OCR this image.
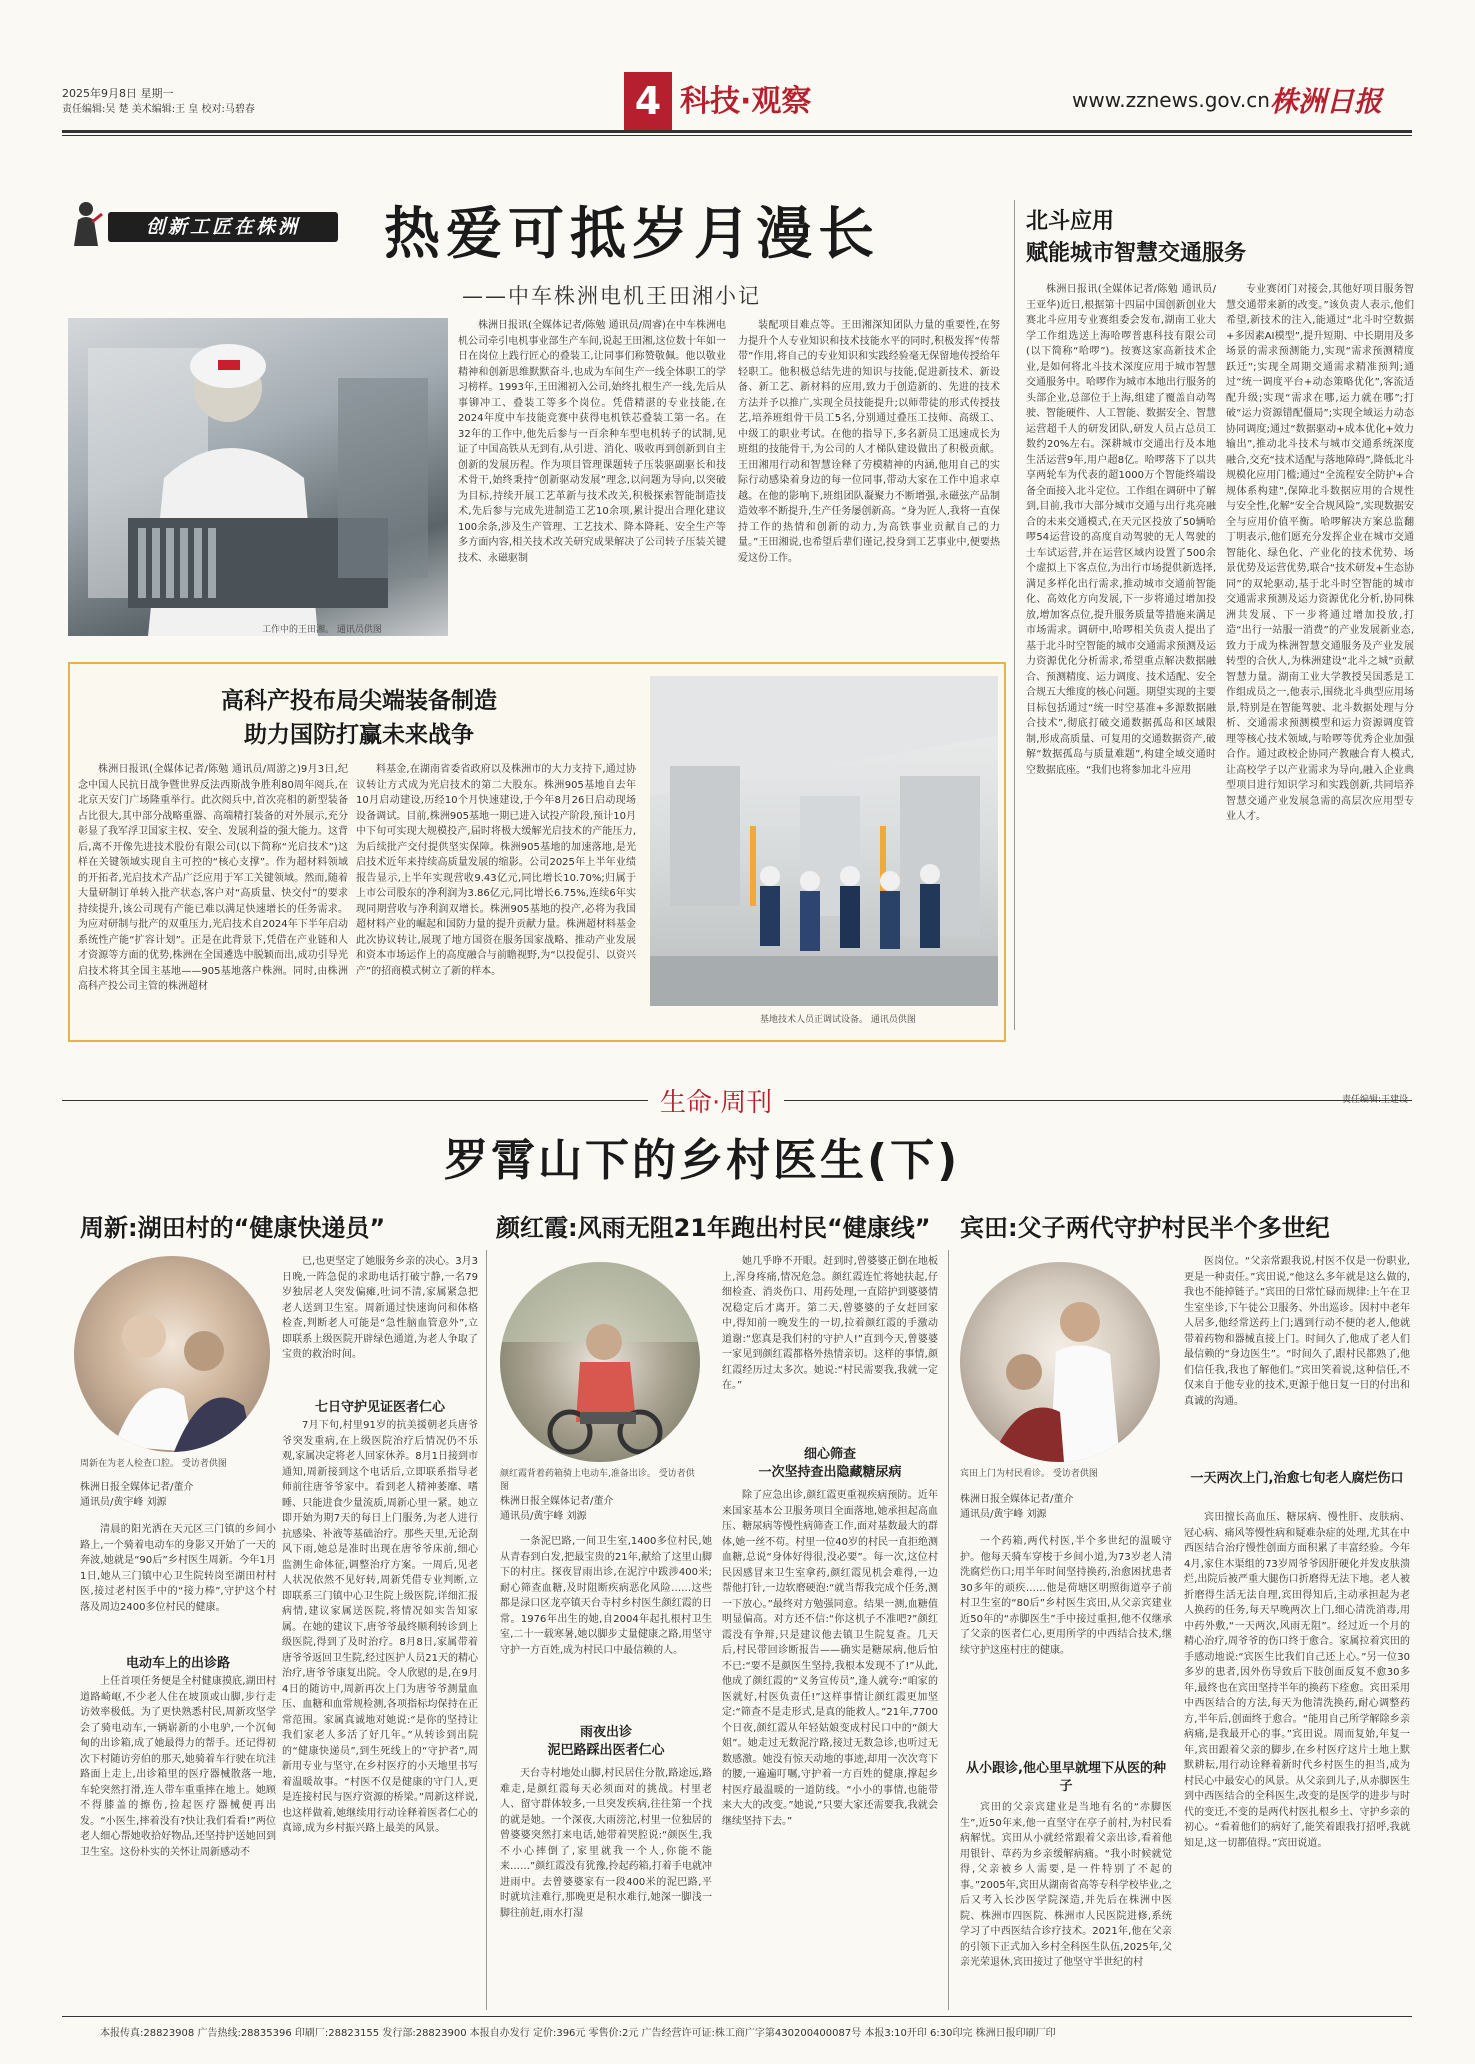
2025年9月8日 星期一
责任编辑:吴 楚 美术编辑:王 皇 校对:马碧春	4 科技·观察	www.zznews.gov.cn 株洲日报
创新工匠在株洲	热爱可抵岁月漫长
——中车株洲电机王田湘小记
工作中的王田湘。 通讯员供图

株洲日报讯(全媒体记者/陈勉 通讯员/周睿)在中车株洲电机公司牵引电机事业部生产车间,说起王田湘,这位数十年如一日在岗位上践行匠心的叠装工,让同事们称赞敬佩。他以敬业精神和创新思维默默奋斗,也成为车间生产一线全体职工的学习榜样。1993年,王田湘初入公司,始终扎根生产一线,先后从事铆冲工、叠装工等多个岗位。凭借精湛的专业技能,在2024年度中车技能竞赛中获得电机铁芯叠装工第一名。在32年的工作中,他先后参与一百余种车型电机转子的试制,见证了中国高铁从无到有,从引进、消化、吸收再到创新到自主创新的发展历程。作为项目管理课题转子压装驱副驱长和技术骨干,始终秉持“创新驱动发展”理念,以问题为导向,以突破为目标,持续开展工艺革新与技术改关,积极探索智能制造技术,先后参与完成先进制造工艺10余项,累计提出合理化建议100余条,涉及生产管理、工艺技术、降本降耗、安全生产等多方面内容,相关技术改关研究成果解决了公司转子压装关键技术、永磁驱制

装配项目难点等。王田湘深知团队力量的重要性,在努力提升个人专业知识和技术技能水平的同时,积极发挥“传帮带”作用,将自己的专业知识和实践经验毫无保留地传授给年轻职工。他积极总结先进的知识与技能,促进新技术、新设备、新工艺、新材料的应用,致力于创造新的、先进的技术方法并予以推广,实现全员技能提升;以师带徒的形式传授技艺,培养班组骨干员工5名,分别通过叠压工技师、高级工、中级工的职业考试。在他的指导下,多名新员工迅速成长为班组的技能骨干,为公司的人才梯队建设做出了积极贡献。王田湘用行动和智慧诠释了劳模精神的内涵,他用自己的实际行动感染着身边的每一位同事,带动大家在工作中追求卓越。在他的影响下,班组团队凝聚力不断增强,永磁弦产品制造效率不断提升,生产任务屡创新高。“身为匠人,我将一直保持工作的热情和创新的动力,为高铁事业贡献自己的力量。”王田湘说,也希望后辈们谨记,投身到工艺事业中,便要热爱这份工作。

北斗应用
赋能城市智慧交通服务

株洲日报讯(全媒体记者/陈勉 通讯员/王亚华)近日,根据第十四届中国创新创业大赛北斗应用专业赛组委会发布,湖南工业大学工作组选送上海哈啰普惠科技有限公司(以下简称“哈啰”)。按赛这家高新技术企业,是如何将北斗技术深度应用于城市智慧交通服务中。哈啰作为城市本地出行服务的头部企业,总部位于上海,组建了覆盖自动驾驶、智能硬件、人工智能、数据安全、智慧运营超千人的研发团队,研发人员占总员工数约20%左右。深耕城市交通出行及本地生活运营9年,用户超8亿。哈啰落下了以共享两轮车为代表的超1000万个智能终端设备全面接入北斗定位。工作组在调研中了解到,目前,我市大部分城市交通与出行兆亮融合的未来交通模式,在天元区投放了50辆哈啰54运营设的高度自动驾驶的无人驾驶的士车试运营,并在运营区域内设置了500余个虚拟上下客点位,为出行市场提供新选择,满足多样化出行需求,推动城市交通前智能化、高效化方向发展,下一步将通过增加投放,增加客点位,提升服务质量等措施来满足市场需求。调研中,哈啰相关负责人提出了基于北斗时空智能的城市交通需求预测及运力资源优化分析需求,希望重点解决数据融合、预测精度、运力调度、技术适配、安全合规五大维度的核心问题。期望实现的主要目标包括通过“统一时空基准+多源数据融合技术”,彻底打破交通数据孤岛和区域限制,形成高质量、可复用的交通数据资产,破解“数据孤岛与质量难题”,构建全域交通时空数据底座。“我们也将参加北斗应用

专业赛闭门对接会,其他好项目服务智慧交通带来新的改变。”该负责人表示,他们希望,新技术的注入,能通过“北斗时空数据+多因素AI模型”,提升短期、中长期用及多场景的需求预测能力,实现“需求预测精度跃迁”;实现全周期交通需求精准预判;通过“统一调度平台+动态策略优化”,客流适配升级;实现“需求在哪,运力就在哪”;打破“运力资源错配僵局”;实现全域运力动态协同调度;通过“数据驱动+成本优化+效力输出”,推动北斗技术与城市交通系统深度融合,交充“技术适配与落地障碍”,降低北斗规模化应用门槛;通过“全流程安全防护+合规体系构建”,保障北斗数据应用的合规性与安全性,化解“安全合规风险”,实现数据安全与应用价值平衡。哈啰解决方案总监翻丁明表示,他们愿充分发挥企业在城市交通智能化、绿色化、产业化的技术优势、场景优势及运营优势,联合“技术研发+生态协同”的双轮驱动,基于北斗时空智能的城市交通需求预测及运力资源优化分析,协同株洲共发展、下一步将通过增加投放,打造“出行一站服一消费”的产业发展新业态,致力于成为株洲智慧交通服务及产业发展转型的合伙人,为株洲建设“北斗之城”贡献智慧力量。湖南工业大学教授吴国悉是工作组成员之一,他表示,围绕北斗典型应用场景,特别是在智能驾驶、北斗数据处理与分析、交通需求预测模型和运力资源调度管理等核心技术领域,与哈啰等优秀企业加强合作。通过政校企协同产教融合育人模式,让高校学子以产业需求为导向,融入企业典型项目进行知识学习和实践创新,共同培养智慧交通产业发展急需的高层次应用型专业人才。

高科产投布局尖端装备制造
助力国防打赢未来战争

株洲日报讯(全媒体记者/陈勉 通讯员/周游之)9月3日,纪念中国人民抗日战争暨世界反法西斯战争胜利80周年阅兵,在北京天安门广场隆重举行。此次阅兵中,首次亮相的新型装备占比很大,其中部分战略重器、高端精打装备的对外展示,充分彰显了我军浮卫国家主权、安全、发展利益的强大能力。这背后,离不开像先进技术股份有限公司(以下简称“光启技术”)这样在关键领域实现自主可控的“核心支撑”。作为超材料领域的开拓者,光启技术产品广泛应用于军工关键领域。然而,随着大量研制订单转入批产状态,客户对“高质量、快交付”的要求持续提升,该公司现有产能已难以满足快速增长的任务需求。为应对研制与批产的双重压力,光启技术自2024年下半年启动系统性产能“扩容计划”。正是在此背景下,凭借在产业链和人才资源等方面的优势,株洲在全国遴选中脱颖而出,成功引导光启技术将其全国主基地——905基地落户株洲。同时,由株洲高科产投公司主管的株洲超材

料基金,在湖南省委省政府以及株洲市的大力支持下,通过协议转让方式成为光启技术的第二大股东。株洲905基地自去年10月启动建设,历经10个月快速建设,于今年8月26日启动现场设备调试。目前,株洲905基地一期已进入试投产阶段,预计10月中下旬可实现大规模投产,届时将极大缓解光启技术的产能压力,为后续批产交付提供坚实保障。株洲905基地的加速落地,是光启技术近年来持续高质量发展的缩影。公司2025年上半年业绩报告显示,上半年实现营收9.43亿元,同比增长10.70%;归属于上市公司股东的净利润为3.86亿元,同比增长6.75%,连续6年实现同期营收与净利润双增长。株洲905基地的投产,必将为我国超材料产业的崛起和国防力量的提升贡献力量。株洲超材料基金此次协议转让,展现了地方国资在服务国家战略、推动产业发展和资本市场运作上的高度融合与前瞻视野,为“以投促引、以资兴产”的招商模式树立了新的样本。

基地技术人员正调试设备。 通讯员供图
生命·周刊	责任编辑:王建设
罗霄山下的乡村医生(下)
周新:湖田村的“健康快递员”	颜红霞:风雨无阻21年跑出村民“健康线” 宾田:父子两代守护村民半个多世纪
周新在为老人检查口腔。 受访者供图
株洲日报全媒体记者/董介
通讯员/黄宇峰 刘源

清晨的阳光洒在天元区三门镇的乡间小路上,一个骑着电动车的身影又开始了一天的奔波,她就是“90后”乡村医生周新。今年1月1日,她从三门镇中心卫生院转岗至湖田村村医,接过老村医手中的“接力棒”,守护这个村落及周边2400多位村民的健康。

电动车上的出诊路

上任首项任务便是全村健康摸底,湖田村道路崎岖,不少老人住在坡顶或山脚,步行走访效率极低。为了更快熟悉村民,周新攻坚学会了骑电动车,一辆崭新的小电驴,一个沉甸甸的出诊箱,成了她最得力的帮手。还记得初次下村随访旁伯的那天,她骑着车行驶在坑洼路面上走上,出诊箱里的医疗器械散落一地,车轮突然打滑,连人带车重重摔在地上。她顾不得膝盖的擦伤,捡起医疗器械便再出发。“小医生,摔着没有?快让我们看看!”两位老人细心帮她收拾好物品,还坚持护送她回到卫生室。这份朴实的关怀让周新感动不

已,也更坚定了她服务乡亲的决心。3月3日晚,一阵急促的求助电话打破宁静,一名79岁独居老人突发偏瘫,吐词不清,家属紧急把老人送到卫生室。周新通过快速询问和体格检查,判断老人可能是“急性脑血管意外”,立即联系上级医院开辟绿色通道,为老人争取了宝贵的救治时间。

七日守护见证医者仁心

7月下旬,村里91岁的抗美援朝老兵唐爷爷突发重病,在上级医院治疗后情况仍不乐观,家属决定将老人回家休养。8月1日接到市通知,周新接到这个电话后,立即联系指导老师前往唐爷爷家中。看到老人精神萎靡、嗜睡、只能进食少量流质,周新心里一紧。她立即开始为期7天的每日上门服务,为老人进行抗感染、补液等基础治疗。那些天里,无论刮风下雨,她总是准时出现在唐爷爷床前,细心监测生命体征,调整治疗方案。一周后,见老人状况依然不见好转,周新凭借专业判断,立即联系三门镇中心卫生院上级医院,详细汇报病情,建议家属送医院,将情况如实告知家属。在她的建议下,唐爷爷最终顺利转诊到上级医院,得到了及时治疗。8月8日,家属带着唐爷爷返回卫生院,经过医护人员21天的精心治疗,唐爷爷康复出院。令人欣慰的是,在9月4日的随访中,周新再次上门为唐爷爷测量血压、血糖和血常规检测,各项指标均保持在正常范围。家属真诚地对她说:“是你的坚持让我们家老人多活了好几年。”从转诊到出院的“健康快递员”,到生死线上的“守护者”,周新用专业与坚守,在乡村医疗的小天地里书写着温暖故事。“村医不仅是健康的守门人,更是连接村民与医疗资源的桥梁。”周新这样说,也这样做着,她继续用行动诠释着医者仁心的真谛,成为乡村振兴路上最美的风景。

颜红霞背着药箱骑上电动车,准备出诊。 受访者供图
株洲日报全媒体记者/董介
通讯员/黄宇峰 刘源

一条泥巴路,一间卫生室,1400多位村民,她从青春到白发,把最宝贵的21年,献给了这里山脚下的村庄。探夜冒雨出诊,在泥泞中跋涉400米;耐心筛查血糖,及时阻断疾病恶化风险……这些都是渌口区龙亭镇天台寺村乡村医生颜红霞的日常。1976年出生的她,自2004年起扎根村卫生室,二十一载寒暑,她以脚步丈量健康之路,用坚守守护一方百姓,成为村民口中最信赖的人。

雨夜出诊
泥巴路踩出医者仁心

天台寺村地处山脚,村民居住分散,路途远,路难走,是颜红霞每天必须面对的挑战。村里老人、留守群体较多,一旦突发疾病,往往第一个找的就是她。一个深夜,大雨滂沱,村里一位独居的曾婆婆突然打来电话,她带着哭腔说:“颜医生,我不小心摔倒了,家里就我一个人,你能不能来……”颜红霞没有犹豫,拎起药箱,打着手电就冲进雨中。去曾婆婆家有一段400米的泥巴路,平时就坑洼难行,那晚更是积水难行,她深一脚浅一脚往前赶,雨水打湿

她几乎睁不开眼。赶到时,曾婆婆正倒在地板上,浑身疼痛,情况危急。颜红霞连忙将她扶起,仔细检查、消炎伤口、用药处理,一直陪护到婆婆情况稳定后才离开。第二天,曾婆婆的子女赶回家中,得知前一晚发生的一切,拉着颜红霞的手激动道谢:“您真是我们村的守护人!”直到今天,曾婆婆一家见到颜红霞都格外热情亲切。这样的事情,颜红霞经历过太多次。她说:“村民需要我,我就一定在。”

细心筛查
一次坚持查出隐藏糖尿病

除了应急出诊,颜红霞更重视疾病预防。近年来国家基本公卫服务项目全面落地,她承担起高血压、糖尿病等慢性病筛查工作,面对基数最大的群体,她一丝不苟。村里一位40岁的村民一直拒绝测血糖,总说“身体好得很,没必要”。每一次,这位村民因感冒来卫生室拿药,颜红霞见机会难得,一边帮他打针,一边软磨硬泡:“就当帮我完成个任务,测一下放心。”最终对方勉强同意。结果一测,血糖值明显偏高。对方还不信:“你这机子不准吧?”颜红霞没有争辩,只是建议他去镇卫生院复查。几天后,村民带回诊断报告——确实是糖尿病,他后怕不已:“要不是颜医生坚持,我根本发现不了!”从此,他成了颜红霞的“义务宣传员”,逢人就夸:“咱家的医就好,村医负责任!”这样事情让颜红霞更加坚定:“筛查不是走形式,是真的能救人。”21年,7700个日夜,颜红霞从年轻姑娘变成村民口中的“颜大姐”。她走过无数泥泞路,接过无数急诊,也听过无数感激。她没有惊天动地的事迹,却用一次次弯下的腰,一遍遍叮嘱,守护着一方百姓的健康,撑起乡村医疗最温暖的一道防线。“小小的事情,也能带来大大的改变。”她说,“只要大家还需要我,我就会继续坚持下去。”

宾田上门为村民看诊。 受访者供图
株洲日报全媒体记者/董介
通讯员/黄宇峰 刘源

一个药箱,两代村医,半个多世纪的温暖守护。他每天骑车穿梭于乡间小道,为73岁老人清洗腐烂伤口;用半年时间坚持换药,治愈困扰患者30多年的顽疾……他是荷塘区明照街道亭子前村卫生室的“80后”乡村医生宾田,从父亲宾建业近50年的“赤脚医生”手中接过重担,他不仅继承了父亲的医者仁心,更用所学的中西结合技术,继续守护这座村庄的健康。

从小跟诊,他心里早就埋下从医的种子

宾田的父亲宾建业是当地有名的“赤脚医生”,近50年来,他一直坚守在亭子前村,为村民看病解忧。宾田从小就经常跟着父亲出诊,看着他用银针、草药为乡亲缓解病痛。“我小时候就觉得,父亲被乡人需要,是一件特别了不起的事。”2005年,宾田从湖南省高等专科学校毕业,之后又考入长沙医学院深造,并先后在株洲中医院、株洲市四医院、株洲市人民医院进修,系统学习了中西医结合诊疗技术。2021年,他在父亲的引领下正式加入乡村全科医生队伍,2025年,父亲光荣退休,宾田接过了他坚守半世纪的村

医岗位。“父亲常跟我说,村医不仅是一份职业,更是一种责任。”宾田说,“他这么多年就是这么做的,我也不能掉链子。”宾田的日常忙碌而规律:上午在卫生室坐诊,下午徒公卫服务、外出巡诊。因村中老年人居多,他经常送药上门;遇到行动不便的老人,他就带着药物和器械直接上门。时间久了,他成了老人们最信赖的“身边医生”。“时间久了,跟村民都熟了,他们信任我,我也了解他们。”宾田笑着说,这种信任,不仅来自于他专业的技术,更源于他日复一日的付出和真诚的沟通。

一天两次上门,治愈七旬老人腐烂伤口

宾田擅长高血压、糖尿病、慢性肝、皮肤病、冠心病、痛风等慢性病和疑难杂症的处理,尤其在中西医结合治疗慢性创面方面积累了丰富经验。今年4月,家住木渠组的73岁周爷爷因肝硬化并发皮肤溃烂,出院后被严重大腿伤口折磨得无法下地。老人被折磨得生活无法自理,宾田得知后,主动承担起为老人换药的任务,每天早晚两次上门,细心清洗消毒,用中药外敷,“一天两次,风雨无阻”。经过近一个月的精心治疗,周爷爷的伤口终于愈合。家属拉着宾田的手感动地说:“宾医生比我们自己还上心。”另一位30多岁的患者,因外伤导致后下肢创面反复不愈30多年,最终也在宾田坚持半年的换药下痊愈。宾田采用中西医结合的方法,每天为他清洗换药,耐心调整药方,半年后,创面终于愈合。“能用自己所学解除乡亲病痛,是我最开心的事。”宾田说。周而复始,年复一年,宾田跟着父亲的脚步,在乡村医疗这片土地上默默耕耘,用行动诠释着新时代乡村医生的担当,成为村民心中最安心的风景。从父亲到儿子,从赤脚医生到中西医结合的全科医生,改变的是医学的进步与时代的变迁,不变的是两代村医扎根乡土、守护乡亲的初心。“看着他们的病好了,能笑着跟我打招呼,我就知足,这一切都值得。”宾田说道。

本报传真:28823908 广告热线:28835396 印刷厂:28823155 发行部:28823900 本报自办发行 定价:396元 零售价:2元 广告经营许可证:株工商广字第430200400087号 本报3:10开印 6:30印完 株洲日报印刷厂印
